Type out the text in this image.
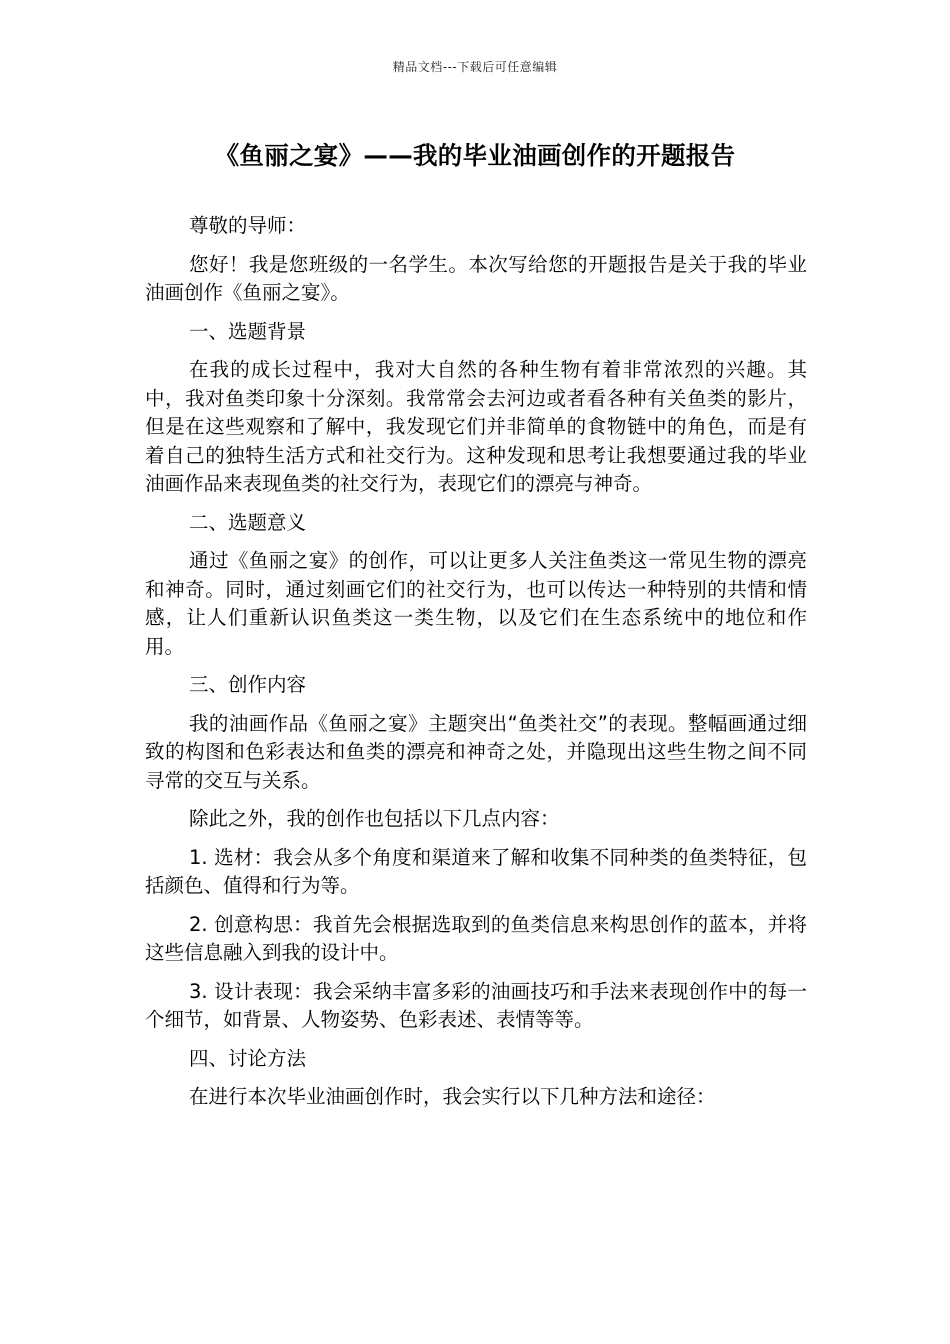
精品文档---下载后可任意编辑
《鱼丽之宴》——我的毕业油画创作的开题报告

尊敬的导师：

您好！我是您班级的一名学生。本次写给您的开题报告是关于我的毕业油画创作《鱼丽之宴》。

一、选题背景

在我的成长过程中，我对大自然的各种生物有着非常浓烈的兴趣。其中，我对鱼类印象十分深刻。我常常会去河边或者看各种有关鱼类的影片，但是在这些观察和了解中，我发现它们并非简单的食物链中的角色，而是有着自己的独特生活方式和社交行为。这种发现和思考让我想要通过我的毕业油画作品来表现鱼类的社交行为，表现它们的漂亮与神奇。

二、选题意义

通过《鱼丽之宴》的创作，可以让更多人关注鱼类这一常见生物的漂亮和神奇。同时，通过刻画它们的社交行为，也可以传达一种特别的共情和情感，让人们重新认识鱼类这一类生物，以及它们在生态系统中的地位和作用。

三、创作内容

我的油画作品《鱼丽之宴》主题突出“鱼类社交”的表现。整幅画通过细致的构图和色彩表达和鱼类的漂亮和神奇之处，并隐现出这些生物之间不同寻常的交互与关系。

除此之外，我的创作也包括以下几点内容：

1. 选材：我会从多个角度和渠道来了解和收集不同种类的鱼类特征，包括颜色、值得和行为等。

2. 创意构思：我首先会根据选取到的鱼类信息来构思创作的蓝本，并将这些信息融入到我的设计中。

3. 设计表现：我会采纳丰富多彩的油画技巧和手法来表现创作中的每一个细节，如背景、人物姿势、色彩表述、表情等等。

四、讨论方法

在进行本次毕业油画创作时，我会实行以下几种方法和途径：
